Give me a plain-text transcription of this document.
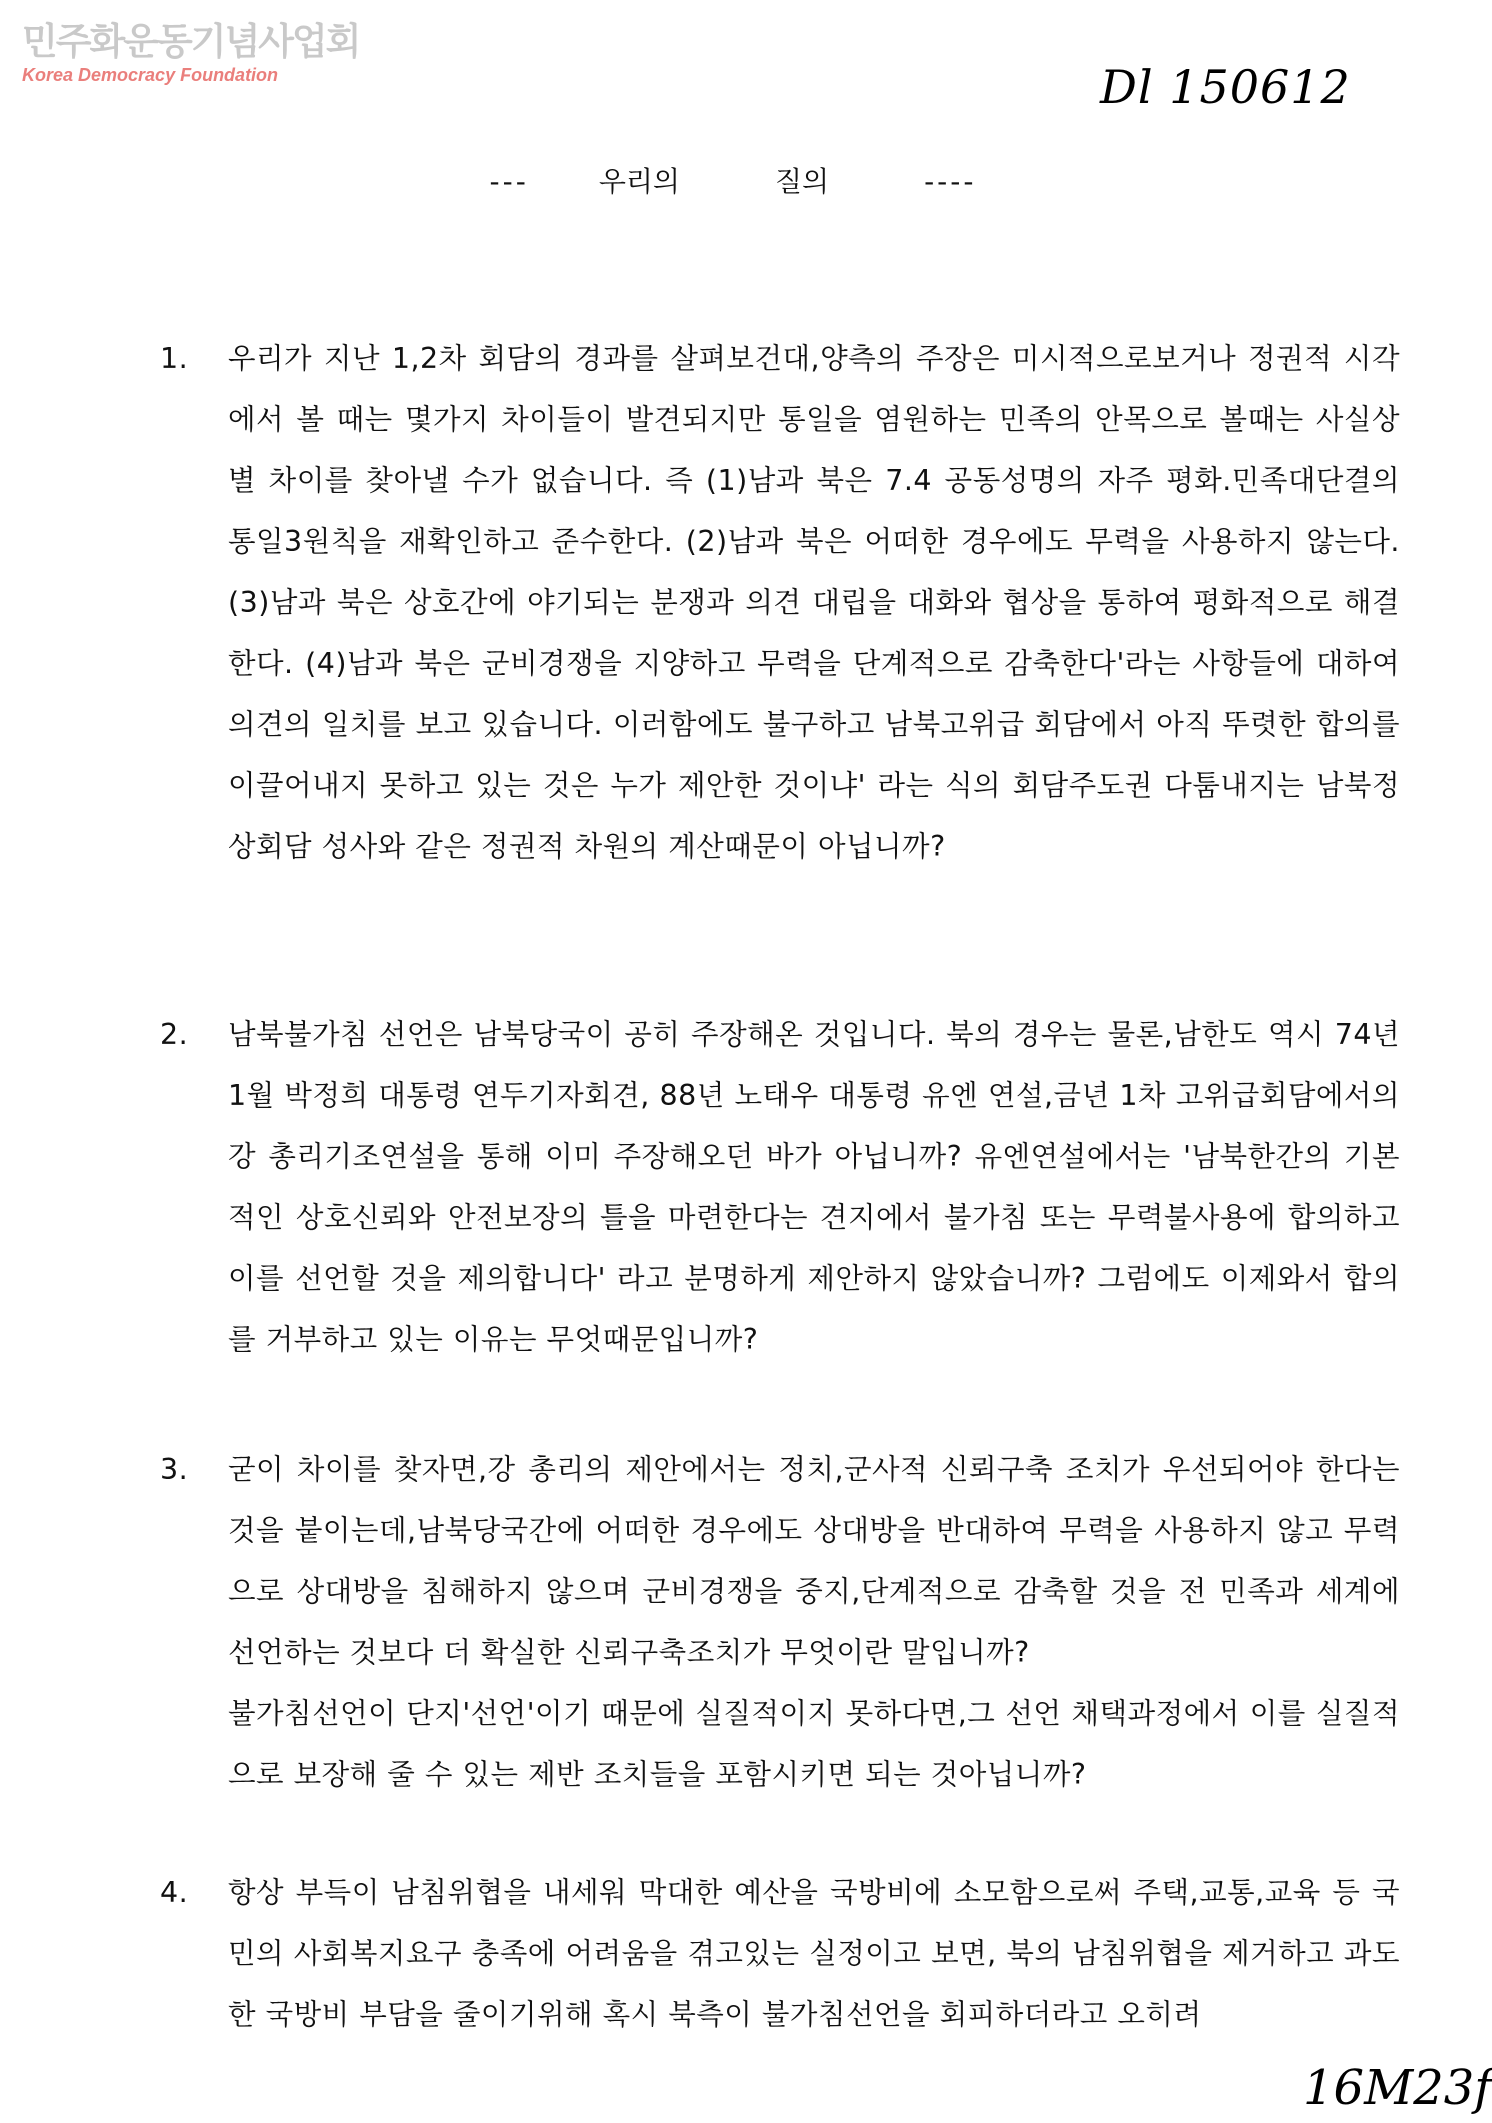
민주화운동기념사업회
Korea Democracy Foundation	Dl 150612
---	우리의	질의	----
1.	우리가 지난 1,2차 회담의 경과를 살펴보건대,양측의 주장은 미시적으로보거나 정권적 시각에서 볼 때는 몇가지 차이들이 발견되지만 통일을 염원하는 민족의 안목으로 볼때는 사실상 별 차이를 찾아낼 수가 없습니다. 즉 (1)남과 북은 7.4 공동성명의 자주 평화.민족대단결의 통일3원칙을 재확인하고 준수한다. (2)남과 북은 어떠한 경우에도 무력을 사용하지 않는다. (3)남과 북은 상호간에 야기되는 분쟁과 의견 대립을 대화와 협상을 통하여 평화적으로 해결한다. (4)남과 북은 군비경쟁을 지양하고 무력을 단계적으로 감축한다'라는 사항들에 대하여 의견의 일치를 보고 있습니다. 이러함에도 불구하고 남북고위급 회담에서 아직 뚜렷한 합의를 이끌어내지 못하고 있는 것은 누가 제안한 것이냐' 라는 식의 회담주도권 다툼내지는 남북정상회담 성사와 같은 정권적 차원의 계산때문이 아닙니까?
2.	남북불가침 선언은 남북당국이 공히 주장해온 것입니다. 북의 경우는 물론,남한도 역시 74년 1월 박정희 대통령 연두기자회견, 88년 노태우 대통령 유엔 연설,금년 1차 고위급회담에서의 강 총리기조연설을 통해 이미 주장해오던 바가 아닙니까? 유엔연설에서는 '남북한간의 기본적인 상호신뢰와 안전보장의 틀을 마련한다는 견지에서 불가침 또는 무력불사용에 합의하고 이를 선언할 것을 제의합니다' 라고 분명하게 제안하지 않았습니까? 그럼에도 이제와서 합의를 거부하고 있는 이유는 무엇때문입니까?
3.	굳이 차이를 찾자면,강 총리의 제안에서는 정치,군사적 신뢰구축 조치가 우선되어야 한다는 것을 붙이는데,남북당국간에 어떠한 경우에도 상대방을 반대하여 무력을 사용하지 않고 무력으로 상대방을 침해하지 않으며 군비경쟁을 중지,단계적으로 감축할 것을 전 민족과 세계에 선언하는 것보다 더 확실한 신뢰구축조치가 무엇이란 말입니까?
불가침선언이 단지'선언'이기 때문에 실질적이지 못하다면,그 선언 채택과정에서 이를 실질적으로 보장해 줄 수 있는 제반 조치들을 포함시키면 되는 것아닙니까?
4.	항상 부득이 남침위협을 내세워 막대한 예산을 국방비에 소모함으로써 주택,교통,교육 등 국민의 사회복지요구 충족에 어려움을 겪고있는 실정이고 보면, 북의 남침위협을 제거하고 과도한 국방비 부담을 줄이기위해 혹시 북측이 불가침선언을 회피하더라고 오히려
16M23f
